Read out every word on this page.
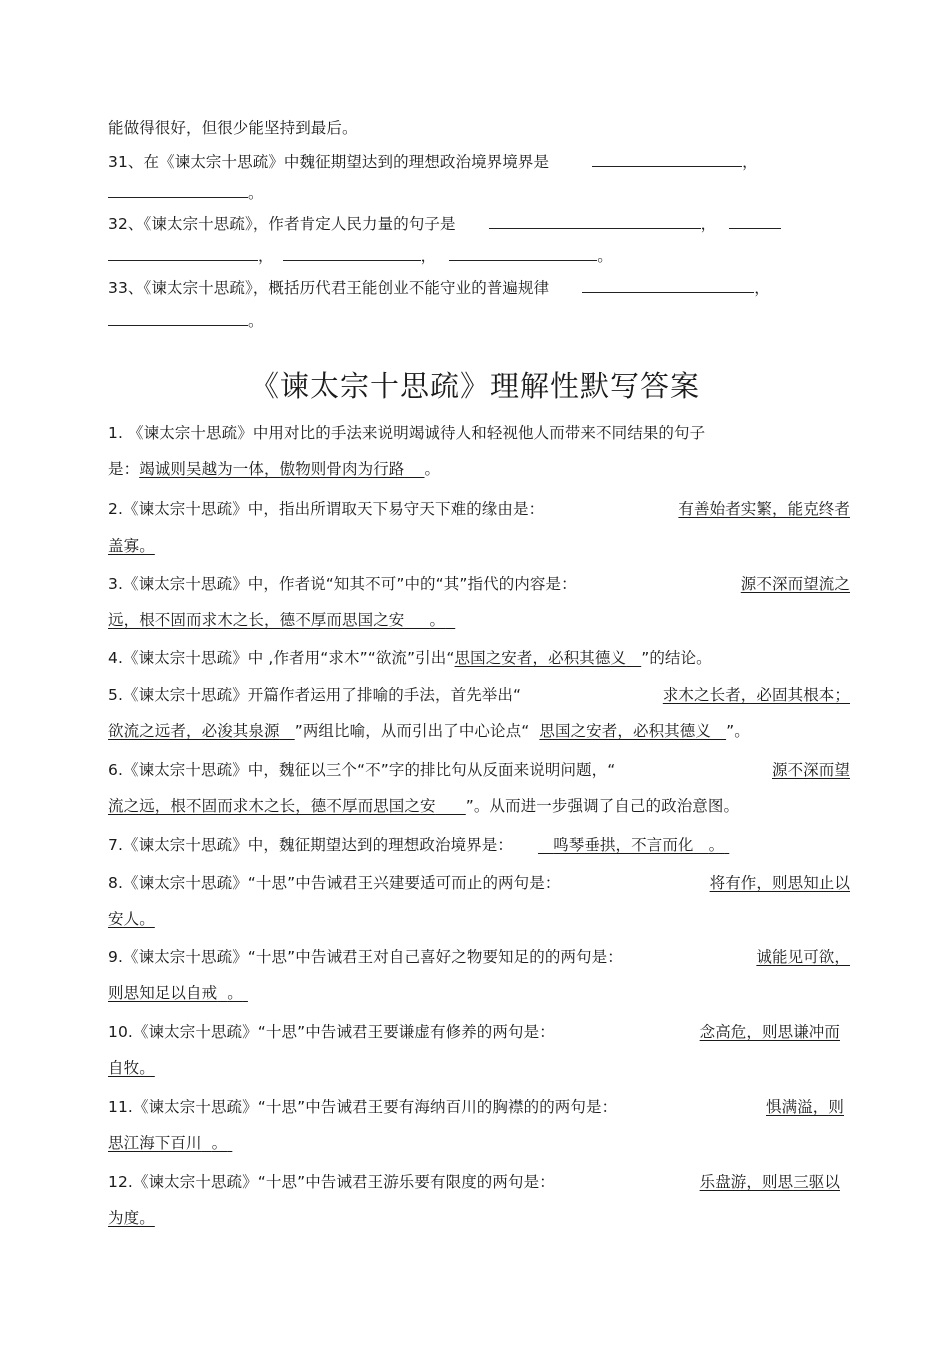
能做得很好，但很少能坚持到最后。
31、在《谏太宗十思疏》中魏征期望达到的理想政治境界境界是	，
。
32、《谏太宗十思疏》，作者肯定人民力量的句子是	，
，	，	。
33、《谏太宗十思疏》，概括历代君王能创业不能守业的普遍规律	，
。
《谏太宗十思疏》理解性默写答案
1. 《谏太宗十思疏》中用对比的手法来说明竭诚待人和轻视他人而带来不同结果的句子
是：竭诚则吴越为一体，傲物则骨肉为行路 。
2.《谏太宗十思疏》中，指出所谓取天下易守天下难的缘由是：	有善始者实繁，能克终者
盖寡。
3.《谏太宗十思疏》中，作者说“知其不可”中的“其”指代的内容是：	源不深而望流之
远，根不固而求木之长，德不厚而思国之安 。
4.《谏太宗十思疏》中 ,作者用“求木”“欲流”引出“思国之安者，必积其德义 ”的结论。
5.《谏太宗十思疏》开篇作者运用了排喻的手法，首先举出“	求木之长者，必固其根本；
欲流之远者，必浚其泉源 ”两组比喻，从而引出了中心论点“ 思国之安者，必积其德义 ”。
6.《谏太宗十思疏》中，魏征以三个“不”字的排比句从反面来说明问题，“	源不深而望
流之远，根不固而求木之长，德不厚而思国之安 ”。从而进一步强调了自己的政治意图。
7.《谏太宗十思疏》中，魏征期望达到的理想政治境界是：	鸣琴垂拱，不言而化 。
8.《谏太宗十思疏》“十思”中告诫君王兴建要适可而止的两句是：	将有作，则思知止以
安人。
9.《谏太宗十思疏》“十思”中告诫君王对自己喜好之物要知足的的两句是：	诚能见可欲，
则思知足以自戒 。
10.《谏太宗十思疏》“十思”中告诫君王要谦虚有修养的两句是：	念高危，则思谦冲而
自牧。
11.《谏太宗十思疏》“十思”中告诫君王要有海纳百川的胸襟的的两句是：	惧满溢，则
思江海下百川 。
12.《谏太宗十思疏》“十思”中告诫君王游乐要有限度的两句是：	乐盘游，则思三驱以
为度。
